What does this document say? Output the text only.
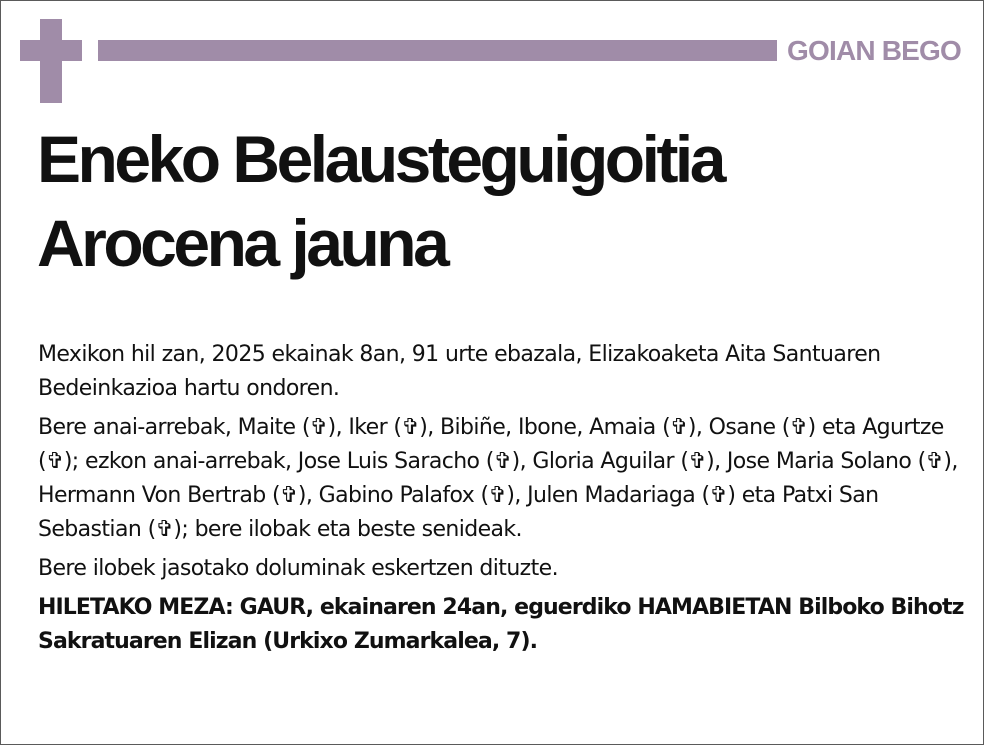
GOIAN BEGO
Eneko Belausteguigoitia
Arocena jauna

Mexikon hil zan, 2025 ekainak 8an, 91 urte ebazala, Elizakoaketa Aita Santuaren Bedeinkazioa hartu ondoren.

Bere anai-arrebak, Maite (✞), Iker (✞), Bibiñe, Ibone, Amaia (✞), Osane (✞) eta Agurtze (✞); ezkon anai-arrebak, Jose Luis Saracho (✞), Gloria Aguilar (✞), Jose Maria Solano (✞), Hermann Von Bertrab (✞), Gabino Palafox (✞), Julen Madariaga (✞) eta Patxi San Sebastian (✞); bere ilobak eta beste senideak.

Bere ilobek jasotako doluminak eskertzen dituzte.

HILETAKO MEZA: GAUR, ekainaren 24an, eguerdiko HAMABIETAN Bilboko Bihotz Sakratuaren Elizan (Urkixo Zumarkalea, 7).
